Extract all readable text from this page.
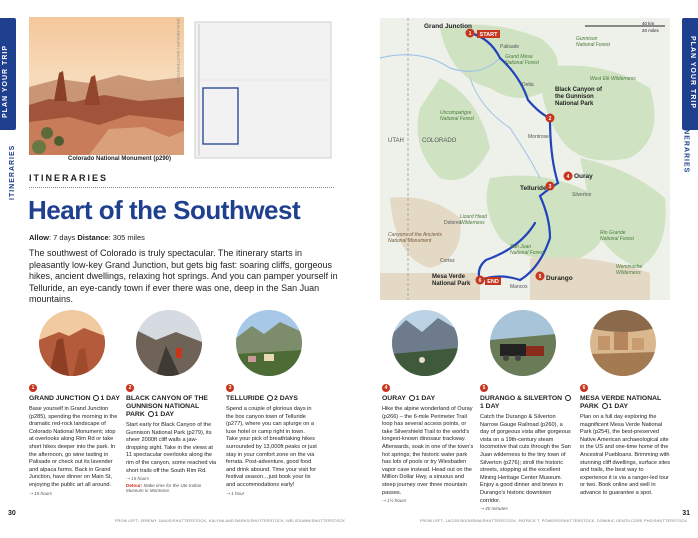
PLAN YOUR TRIP
ITINERARIES
PLAN YOUR TRIP
ITINERARIES
Colorado National Monument (p290)
JOHN ZIEGLER / SHUTTERSTOCK
ITINERARIES
Heart of the Southwest
Allow: 7 days Distance: 305 miles

The southwest of Colorado is truly spectacular. The itinerary starts in pleasantly low-key Grand Junction, but gets big fast: soaring cliffs, gorgeous hikes, ancient dwellings, relaxing hot springs. And you can pamper yourself in Telluride, an eye-candy town if ever there was one, deep in the San Juan mountains.

1
2
3
4
5
6
START
END
Grand Junction
Black Canyon of
the Gunnison
National Park
Telluride
Ouray
Durango
Mesa Verde
National Park
UTAH	COLORADO
Uncompahgre
National Forest
Grand Mesa
National Forest
Gunnison
National Forest
West Elk Wilderness
San Juan
National Forest
Lizard Head
Wilderness
Rio Grande
National Forest
Weminuche
Wilderness
Canyons of the Ancients
National Monument
Palisade
Delta
Montrose
Silverton
Cortez
Mancos
Dolores
40 km
20 miles
1
GRAND JUNCTION 1 DAY

Base yourself in Grand Junction (p285), spending the morning in the dramatic red-rock landscape of Colorado National Monument; stop at overlooks along Rim Rd or take short hikes deeper into the park. In the afternoon, go wine tasting in Palisade or check out its lavender and alpaca farms. Back in Grand Junction, have dinner on Main St, enjoying the public art all around.

⇢ 15 hours
2
BLACK CANYON OF THE GUNNISON NATIONAL PARK 1 DAY

Start early for Black Canyon of the Gunnison National Park (p279), its sheer 2000ft cliff walls a jaw-dropping sight. Take in the views at 11 spectacular overlooks along the rim of the canyon, some reached via short trails off the South Rim Rd.

⇢ 15 hours
Detour: Make time for the Ute Indian Museum in Montrose.
3
TELLURIDE 2 DAYS

Spend a couple of glorious days in the box canyon town of Telluride (p277), where you can splurge on a luxe hotel or camp right in town. Take your pick of breathtaking hikes surrounded by 13,000ft peaks or just stay in your comfort zone on the via ferrata. Post-adventure, good food and drink abound. Time your visit for festival season…just book your tix and accommodations early!

⇢ 1 hour
4
OURAY 1 DAY

Hike the alpine wonderland of Ouray (p266) – the 6-mile Perimeter Trail loop has several access points, or take Silvershield Trail to the world's longest-known dinosaur trackway. Afterwards, soak in one of the town's hot springs; the historic water park has lots of pools or try Wiesbaden vapor cave instead. Head out on the Million Dollar Hwy, a sinuous and steep journey over three mountain passes.

⇢ 1½ hours
5
DURANGO & SILVERTON 1 DAY

Catch the Durango & Silverton Narrow Gauge Railroad (p260), a day of gorgeous vista after gorgeous vista on a 19th-century steam locomotive that cuts through the San Juan wilderness to the tiny town of Silverton (p276); stroll the historic streets, stopping at the excellent Mining Heritage Center Museum. Enjoy a good dinner and brews in Durango's historic downtown corridor.

⇢ 40 minutes
6
MESA VERDE NATIONAL PARK 1 DAY

Plan on a full day exploring the magnificent Mesa Verde National Park (p254), the best-preserved Native American archaeological site in the US and one-time home of the Ancestral Puebloans. Brimming with stunning cliff dwellings, surface sites and trails, the best way to experience it is via a ranger-led tour or two. Book online and well in advance to guarantee a spot.

30	31
FROM LEFT: JEREMY JANUS/SHUTTERSTOCK, KALYNA AND BARKS/SHUTTERSTOCK, MELISSAMN/SHUTTERSTOCK	FROM LEFT: JACOB BOOMSMA/SHUTTERSTOCK, PATRICK T. POWERS/SHUTTERSTOCK, DOMINIC GENTILCORE PHD/SHUTTERSTOCK
